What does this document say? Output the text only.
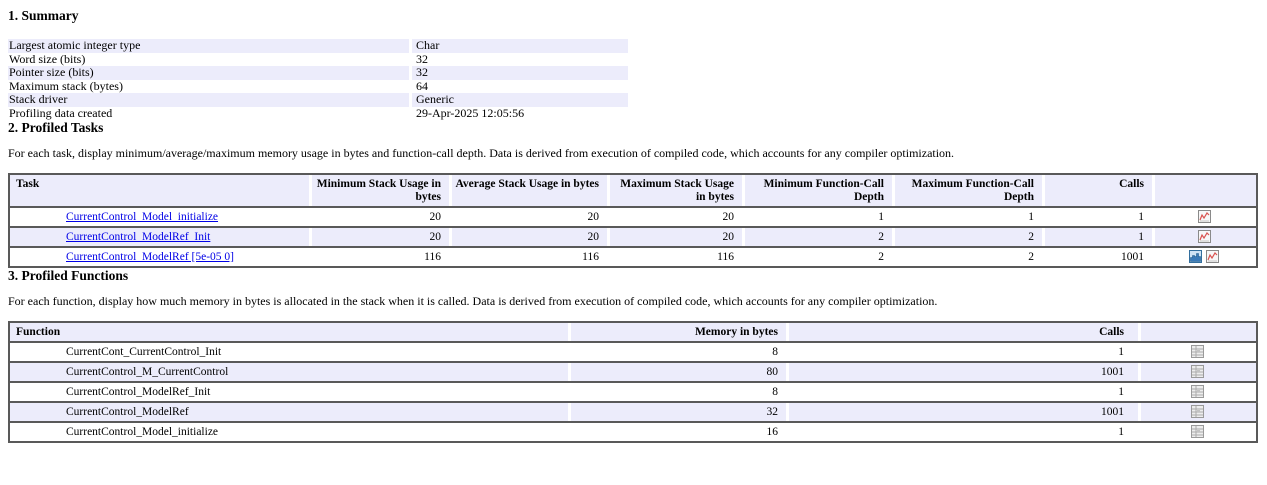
1. Summary
Largest atomic integer type	Char
Word size (bits)	32
Pointer size (bits)	32
Maximum stack (bytes)	64
Stack driver	Generic
Profiling data created	29-Apr-2025 12:05:56
2. Profiled Tasks

For each task, display minimum/average/maximum memory usage in bytes and function-call depth. Data is derived from execution of compiled code, which accounts for any compiler optimization.

Task	Minimum Stack Usage in bytes	Average Stack Usage in bytes	Maximum Stack Usage in bytes	Minimum Function-Call Depth	Maximum Function-Call Depth	Calls	
CurrentControl_Model_initialize	20	20	20	1	1	1	
CurrentControl_ModelRef_Init	20	20	20	2	2	1	
CurrentControl_ModelRef [5e-05 0]	116	116	116	2	2	1001	
3. Profiled Functions

For each function, display how much memory in bytes is allocated in the stack when it is called. Data is derived from execution of compiled code, which accounts for any compiler optimization.

Function	Memory in bytes	Calls	
CurrentCont_CurrentControl_Init	8	1	
CurrentControl_M_CurrentControl	80	1001	
CurrentControl_ModelRef_Init	8	1	
CurrentControl_ModelRef	32	1001	
CurrentControl_Model_initialize	16	1	
